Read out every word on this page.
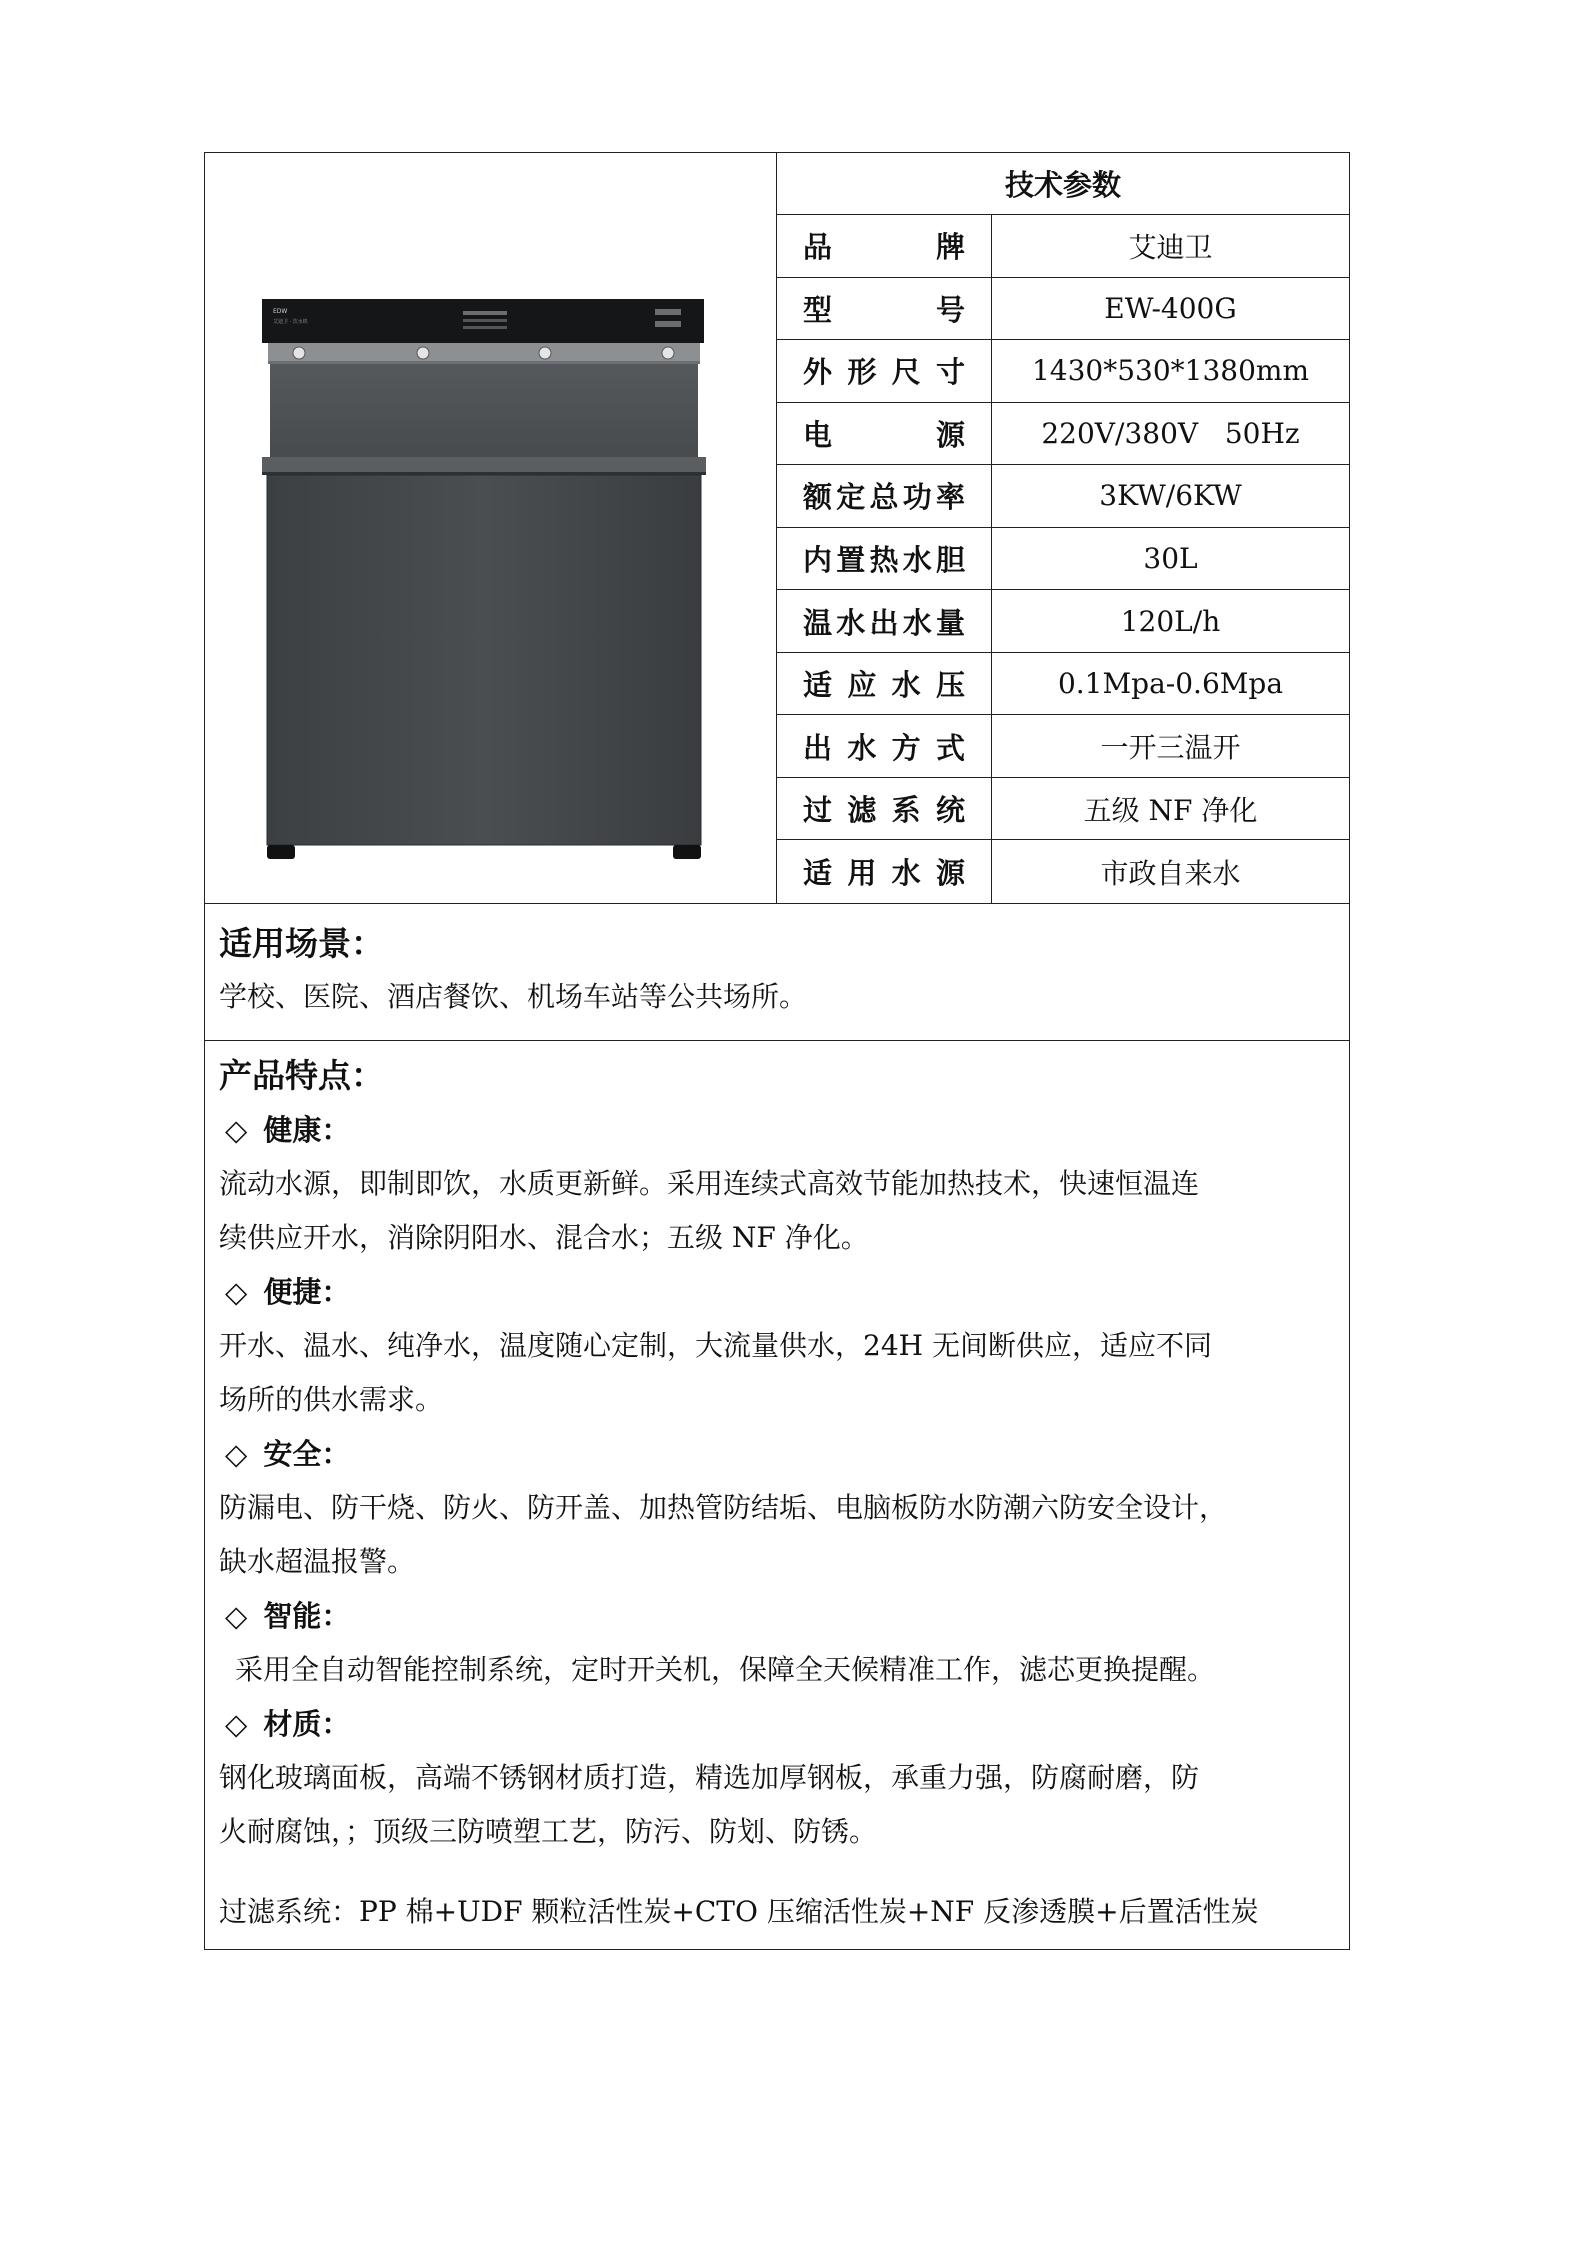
EDW
艾迪卫 · 饮水机
技术参数
品牌	艾迪卫
型号	EW-400G
外形尺寸	1430*530*1380mm
电源	220V/380V   50Hz
额定总功率	3KW/6KW
内置热水胆	30L
温水出水量	120L/h
适应水压	0.1Mpa-0.6Mpa
出水方式	一开三温开
过滤系统	五级 NF 净化
适用水源	市政自来水
适用场景：
学校、医院、酒店餐饮、机场车站等公共场所。
产品特点：
◇ 健康：
流动水源，即制即饮，水质更新鲜。采用连续式高效节能加热技术，快速恒温连
续供应开水，消除阴阳水、混合水；五级 NF 净化。
◇ 便捷：
开水、温水、纯净水，温度随心定制，大流量供水，24H 无间断供应，适应不同
场所的供水需求。
◇ 安全：
防漏电、防干烧、防火、防开盖、加热管防结垢、电脑板防水防潮六防安全设计，
缺水超温报警。
◇ 智能：
采用全自动智能控制系统，定时开关机，保障全天候精准工作，滤芯更换提醒。
◇ 材质：
钢化玻璃面板，高端不锈钢材质打造，精选加厚钢板，承重力强，防腐耐磨，防
火耐腐蚀，；顶级三防喷塑工艺，防污、防划、防锈。
过滤系统：PP 棉+UDF 颗粒活性炭+CTO 压缩活性炭+NF 反渗透膜+后置活性炭
